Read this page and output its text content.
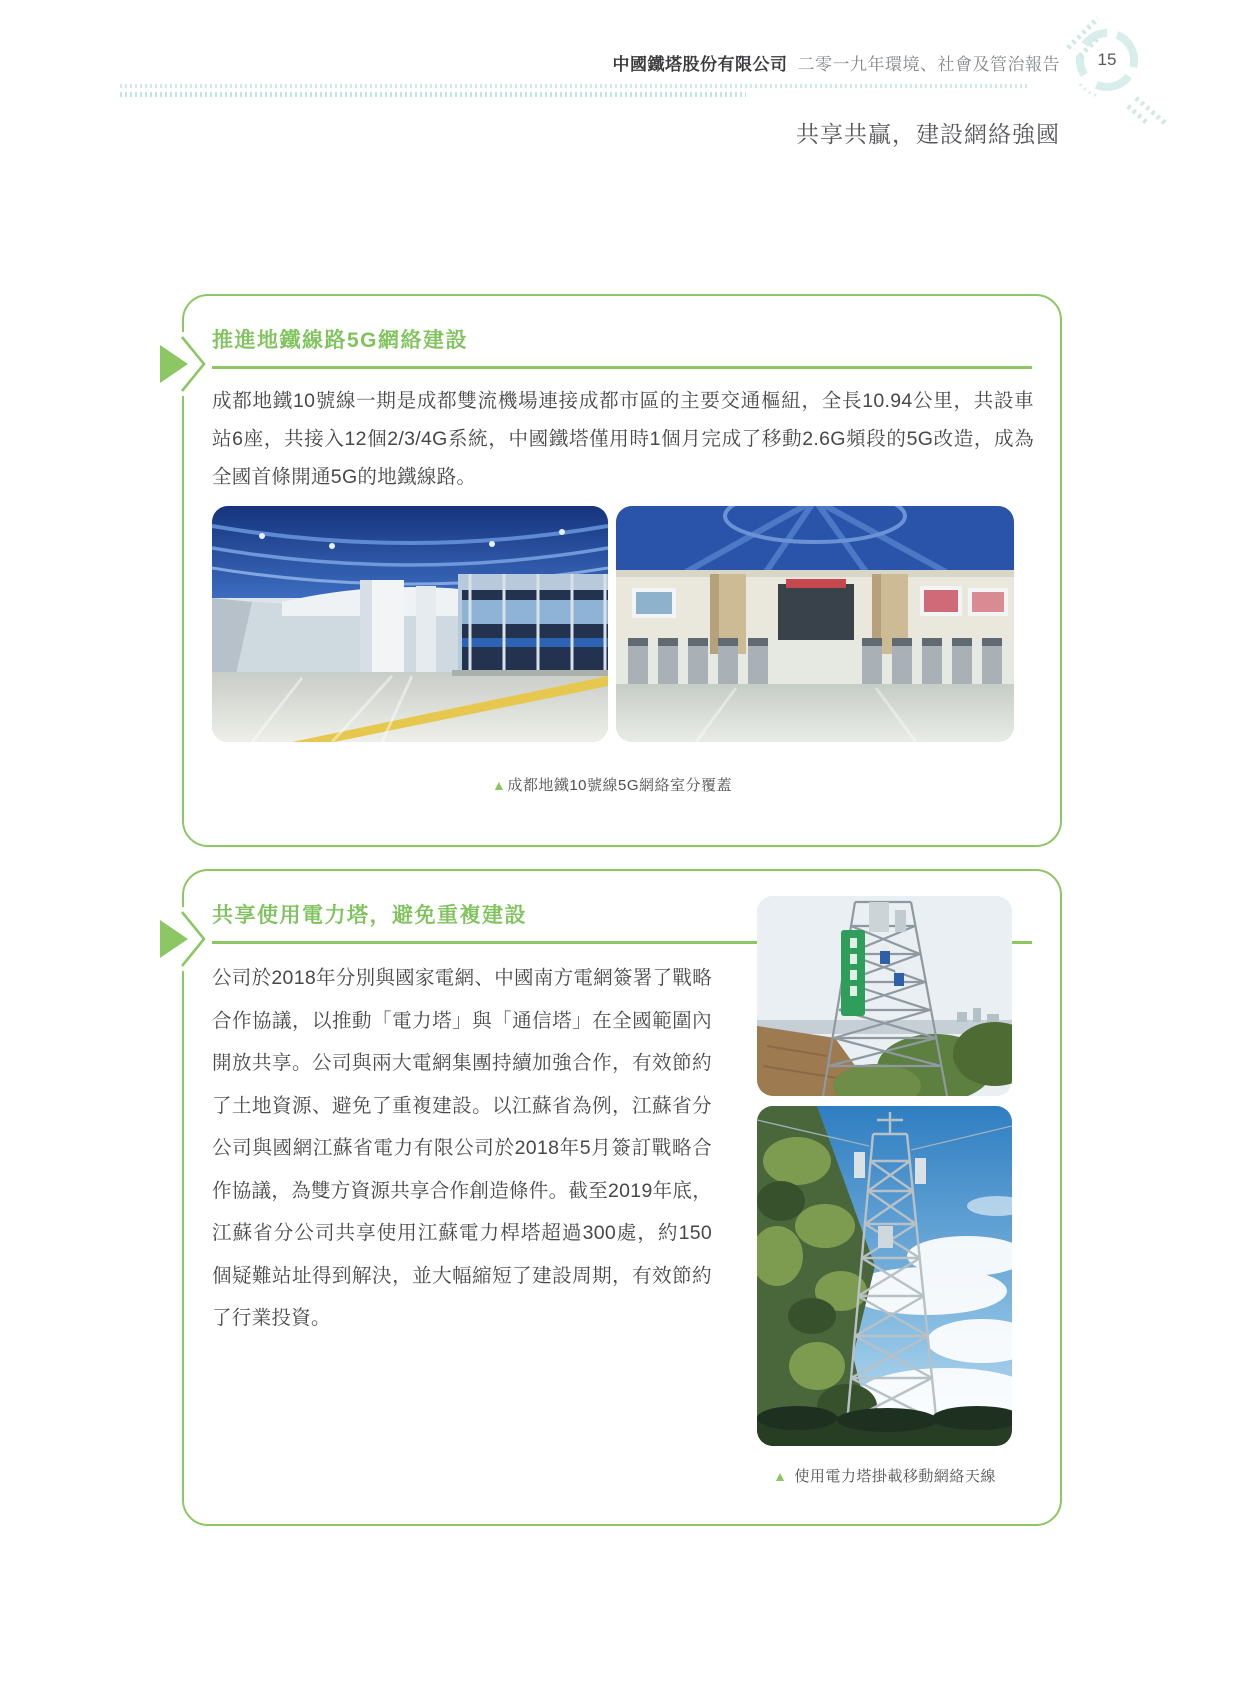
中國鐵塔股份有限公司 二零一九年環境、社會及管治報告	15
共享共贏，建設網絡強國
推進地鐵線路5G網絡建設

成都地鐵10號線一期是成都雙流機場連接成都市區的主要交通樞紐，全長10.94公里，共設車站6座，共接入12個2/3/4G系統，中國鐵塔僅用時1個月完成了移動2.6G頻段的5G改造，成為全國首條開通5G的地鐵線路。

▲成都地鐵10號線5G網絡室分覆蓋
共享使用電力塔，避免重複建設

公司於2018年分別與國家電網、中國南方電網簽署了戰略合作協議，以推動「電力塔」與「通信塔」在全國範圍內開放共享。公司與兩大電網集團持續加強合作，有效節約了土地資源、避免了重複建設。以江蘇省為例，江蘇省分公司與國網江蘇省電力有限公司於2018年5月簽訂戰略合作協議，為雙方資源共享合作創造條件。截至2019年底，江蘇省分公司共享使用江蘇電力桿塔超過300處，約150個疑難站址得到解決，並大幅縮短了建設周期，有效節約了行業投資。

▲ 使用電力塔掛載移動網絡天線
